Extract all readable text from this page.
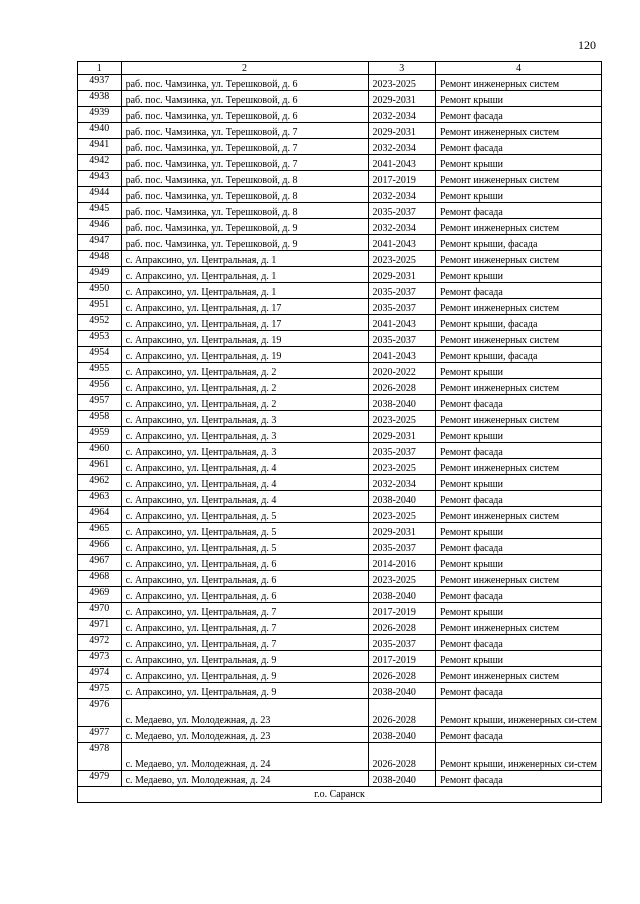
120
1	2	3	4
4937	раб. пос. Чамзинка, ул. Терешковой, д. 6	2023-2025	Ремонт инженерных систем
4938	раб. пос. Чамзинка, ул. Терешковой, д. 6	2029-2031	Ремонт крыши
4939	раб. пос. Чамзинка, ул. Терешковой, д. 6	2032-2034	Ремонт фасада
4940	раб. пос. Чамзинка, ул. Терешковой, д. 7	2029-2031	Ремонт инженерных систем
4941	раб. пос. Чамзинка, ул. Терешковой, д. 7	2032-2034	Ремонт фасада
4942	раб. пос. Чамзинка, ул. Терешковой, д. 7	2041-2043	Ремонт крыши
4943	раб. пос. Чамзинка, ул. Терешковой, д. 8	2017-2019	Ремонт инженерных систем
4944	раб. пос. Чамзинка, ул. Терешковой, д. 8	2032-2034	Ремонт крыши
4945	раб. пос. Чамзинка, ул. Терешковой, д. 8	2035-2037	Ремонт фасада
4946	раб. пос. Чамзинка, ул. Терешковой, д. 9	2032-2034	Ремонт инженерных систем
4947	раб. пос. Чамзинка, ул. Терешковой, д. 9	2041-2043	Ремонт крыши, фасада
4948	с. Апраксино, ул. Центральная, д. 1	2023-2025	Ремонт инженерных систем
4949	с. Апраксино, ул. Центральная, д. 1	2029-2031	Ремонт крыши
4950	с. Апраксино, ул. Центральная, д. 1	2035-2037	Ремонт фасада
4951	с. Апраксино, ул. Центральная, д. 17	2035-2037	Ремонт инженерных систем
4952	с. Апраксино, ул. Центральная, д. 17	2041-2043	Ремонт крыши, фасада
4953	с. Апраксино, ул. Центральная, д. 19	2035-2037	Ремонт инженерных систем
4954	с. Апраксино, ул. Центральная, д. 19	2041-2043	Ремонт крыши, фасада
4955	с. Апраксино, ул. Центральная, д. 2	2020-2022	Ремонт крыши
4956	с. Апраксино, ул. Центральная, д. 2	2026-2028	Ремонт инженерных систем
4957	с. Апраксино, ул. Центральная, д. 2	2038-2040	Ремонт фасада
4958	с. Апраксино, ул. Центральная, д. 3	2023-2025	Ремонт инженерных систем
4959	с. Апраксино, ул. Центральная, д. 3	2029-2031	Ремонт крыши
4960	с. Апраксино, ул. Центральная, д. 3	2035-2037	Ремонт фасада
4961	с. Апраксино, ул. Центральная, д. 4	2023-2025	Ремонт инженерных систем
4962	с. Апраксино, ул. Центральная, д. 4	2032-2034	Ремонт крыши
4963	с. Апраксино, ул. Центральная, д. 4	2038-2040	Ремонт фасада
4964	с. Апраксино, ул. Центральная, д. 5	2023-2025	Ремонт инженерных систем
4965	с. Апраксино, ул. Центральная, д. 5	2029-2031	Ремонт крыши
4966	с. Апраксино, ул. Центральная, д. 5	2035-2037	Ремонт фасада
4967	с. Апраксино, ул. Центральная, д. 6	2014-2016	Ремонт крыши
4968	с. Апраксино, ул. Центральная, д. 6	2023-2025	Ремонт инженерных систем
4969	с. Апраксино, ул. Центральная, д. 6	2038-2040	Ремонт фасада
4970	с. Апраксино, ул. Центральная, д. 7	2017-2019	Ремонт крыши
4971	с. Апраксино, ул. Центральная, д. 7	2026-2028	Ремонт инженерных систем
4972	с. Апраксино, ул. Центральная, д. 7	2035-2037	Ремонт фасада
4973	с. Апраксино, ул. Центральная, д. 9	2017-2019	Ремонт крыши
4974	с. Апраксино, ул. Центральная, д. 9	2026-2028	Ремонт инженерных систем
4975	с. Апраксино, ул. Центральная, д. 9	2038-2040	Ремонт фасада
4976	с. Медаево, ул. Молодежная, д. 23	2026-2028	Ремонт крыши, инженерных си-стем
4977	с. Медаево, ул. Молодежная, д. 23	2038-2040	Ремонт фасада
4978	с. Медаево, ул. Молодежная, д. 24	2026-2028	Ремонт крыши, инженерных си-стем
4979	с. Медаево, ул. Молодежная, д. 24	2038-2040	Ремонт фасада
г.о. Саранск			
